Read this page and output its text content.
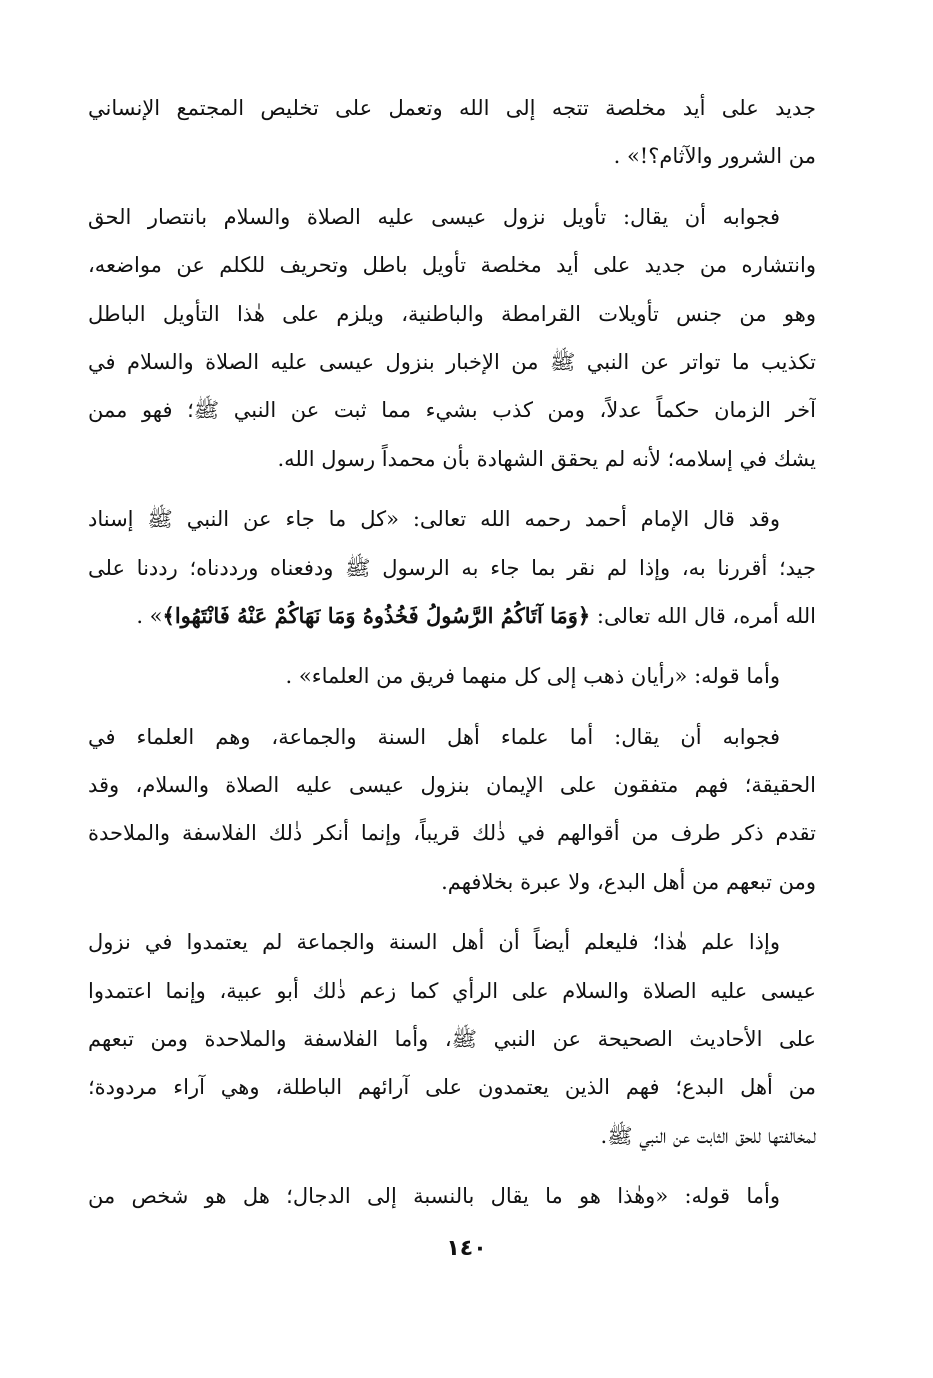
جديد على أيد مخلصة تتجه إلى الله وتعمل على تخليص المجتمع الإنساني
من الشرور والآثام؟!» .

فجوابه أن يقال: تأويل نزول عيسى عليه الصلاة والسلام بانتصار الحق
وانتشاره من جديد على أيد مخلصة تأويل باطل وتحريف للكلم عن مواضعه،
وهو من جنس تأويلات القرامطة والباطنية، ويلزم على هٰذا التأويل الباطل
تكذيب ما تواتر عن النبي ﷺ من الإخبار بنزول عيسى عليه الصلاة والسلام في
آخر الزمان حكماً عدلاً، ومن كذب بشيء مما ثبت عن النبي ﷺ؛ فهو ممن
يشك في إسلامه؛ لأنه لم يحقق الشهادة بأن محمداً رسول الله.

وقد قال الإمام أحمد رحمه الله تعالى: «كل ما جاء عن النبي ﷺ إسناد
جيد؛ أقررنا به، وإذا لم نقر بما جاء به الرسول ﷺ ودفعناه ورددناه؛ رددنا على
الله أمره، قال الله تعالى: ﴿وَمَا آتَاكُمُ الرَّسُولُ فَخُذُوهُ وَمَا نَهَاكُمْ عَنْهُ فَانْتَهُوا﴾» .

وأما قوله: «رأيان ذهب إلى كل منهما فريق من العلماء» .

فجوابه أن يقال: أما علماء أهل السنة والجماعة، وهم العلماء في
الحقيقة؛ فهم متفقون على الإيمان بنزول عيسى عليه الصلاة والسلام، وقد
تقدم ذكر طرف من أقوالهم في ذٰلك قريباً، وإنما أنكر ذٰلك الفلاسفة والملاحدة
ومن تبعهم من أهل البدع، ولا عبرة بخلافهم.

وإذا علم هٰذا؛ فليعلم أيضاً أن أهل السنة والجماعة لم يعتمدوا في نزول
عيسى عليه الصلاة والسلام على الرأي كما زعم ذٰلك أبو عبية، وإنما اعتمدوا
على الأحاديث الصحيحة عن النبي ﷺ، وأما الفلاسفة والملاحدة ومن تبعهم
من أهل البدع؛ فهم الذين يعتمدون على آرائهم الباطلة، وهي آراء مردودة؛
لمخالفتها للحق الثابت عن النبي ﷺ.

وأما قوله: «وهٰذا هو ما يقال بالنسبة إلى الدجال؛ هل هو شخص من

١٤٠
